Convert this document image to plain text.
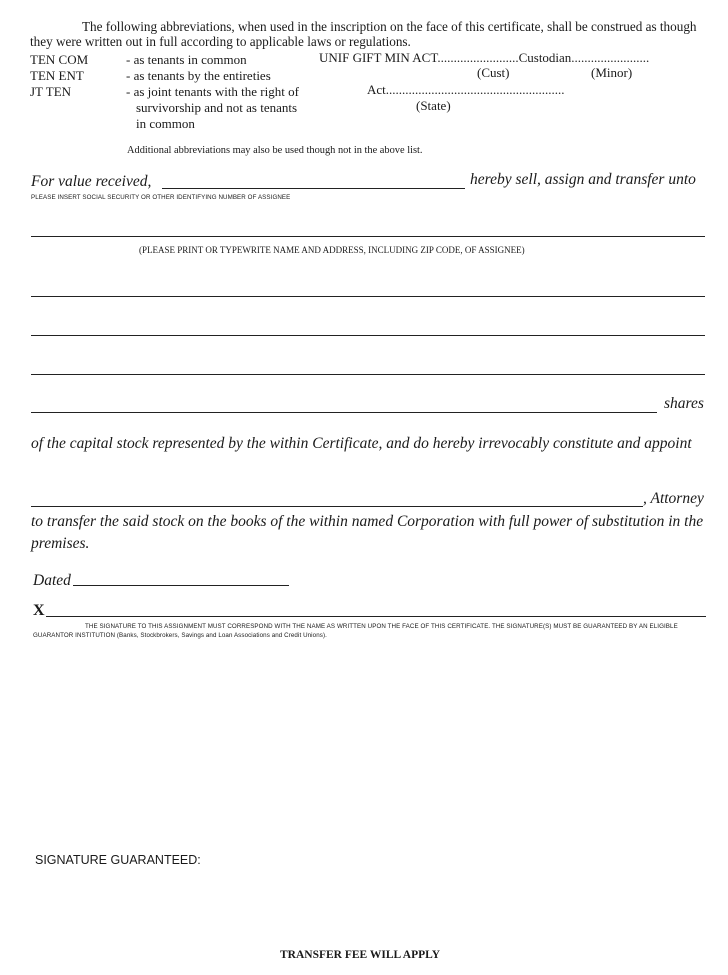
The following abbreviations, when used in the inscription on the face of this certificate, shall be construed as though they were written out in full according to applicable laws or regulations.
TEN COM	- as tenants in common
TEN ENT	- as tenants by the entireties
JT TEN	- as joint tenants with the right of
survivorship and not as tenants
in common
UNIF GIFT MIN ACT.........................Custodian........................
(Cust)	(Minor)
Act.......................................................
(State)
Additional abbreviations may also be used though not in the above list.
For value received,	hereby sell, assign and transfer unto
PLEASE INSERT SOCIAL SECURITY OR OTHER IDENTIFYING NUMBER OF ASSIGNEE
(PLEASE PRINT OR TYPEWRITE NAME AND ADDRESS, INCLUDING ZIP CODE, OF ASSIGNEE)
shares
of the capital stock represented by the within Certificate, and do hereby irrevocably constitute and appoint
, Attorney
to transfer the said stock on the books of the within named Corporation with full power of substitution in the premises.
Dated
X
THE SIGNATURE TO THIS ASSIGNMENT MUST CORRESPOND WITH THE NAME AS WRITTEN UPON THE FACE OF THIS CERTIFICATE. THE SIGNATURE(S) MUST BE GUARANTEED BY AN ELIGIBLE GUARANTOR INSTITUTION (Banks, Stockbrokers, Savings and Loan Associations and Credit Unions).
SIGNATURE GUARANTEED:
TRANSFER FEE WILL APPLY
